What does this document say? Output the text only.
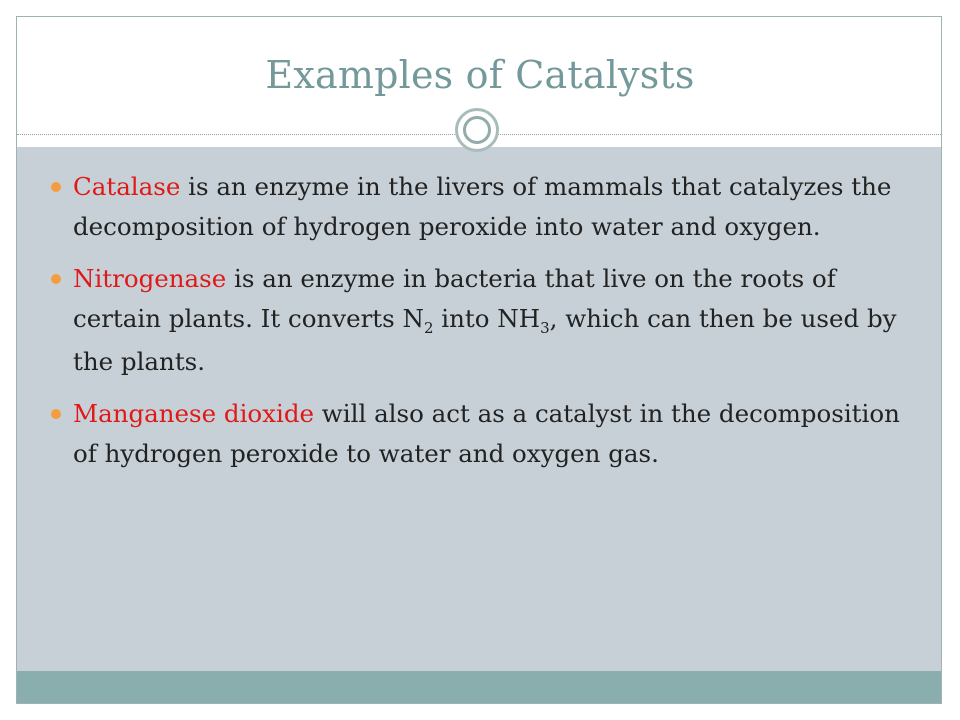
Examples of Catalysts
Catalase is an enzyme in the livers of mammals that catalyzes the decomposition of hydrogen peroxide into water and oxygen.
Nitrogenase is an enzyme in bacteria that live on the roots of certain plants. It converts $N_2$ into $NH_3$, which can then be used by the plants.
Manganese dioxide will also act as a catalyst in the decomposition of hydrogen peroxide to water and oxygen gas.
